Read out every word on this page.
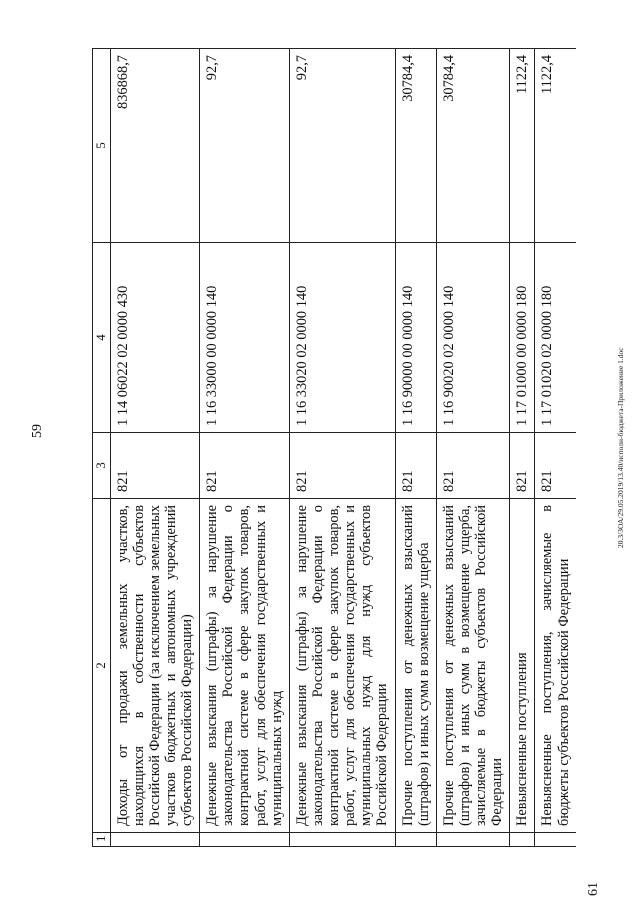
59
61
20.3/3ОА/29.05.2019/13.40/исполн-бюджета-Приложение 1.doc
1	2	3	4	5
	Доходы от продажи земельных участков, находящихся в собственности субъектов Российской Федерации (за исключением земельных участков бюджетных и автономных учреждений субъектов Российской Федерации)	821	1 14 06022 02 0000 430	836868,7
	Денежные взыскания (штрафы) за нарушение законодательства Российской Федерации о контрактной системе в сфере закупок товаров, работ, услуг для обеспечения государственных и муниципальных нужд	821	1 16 33000 00 0000 140	92,7
	Денежные взыскания (штрафы) за нарушение законодательства Российской Федерации о контрактной системе в сфере закупок товаров, работ, услуг для обеспечения государственных и муниципальных нужд для нужд субъектов Российской Федерации	821	1 16 33020 02 0000 140	92,7
	Прочие поступления от денежных взысканий (штрафов) и иных сумм в возмещение ущерба	821	1 16 90000 00 0000 140	30784,4
	Прочие поступления от денежных взысканий (штрафов) и иных сумм в возмещение ущерба, зачисляемые в бюджеты субъектов Российской Федерации	821	1 16 90020 02 0000 140	30784,4
	Невыясненные поступления	821	1 17 01000 00 0000 180	1122,4
	Невыясненные поступления, зачисляемые в бюджеты субъектов Российской Федерации	821	1 17 01020 02 0000 180	1122,4
